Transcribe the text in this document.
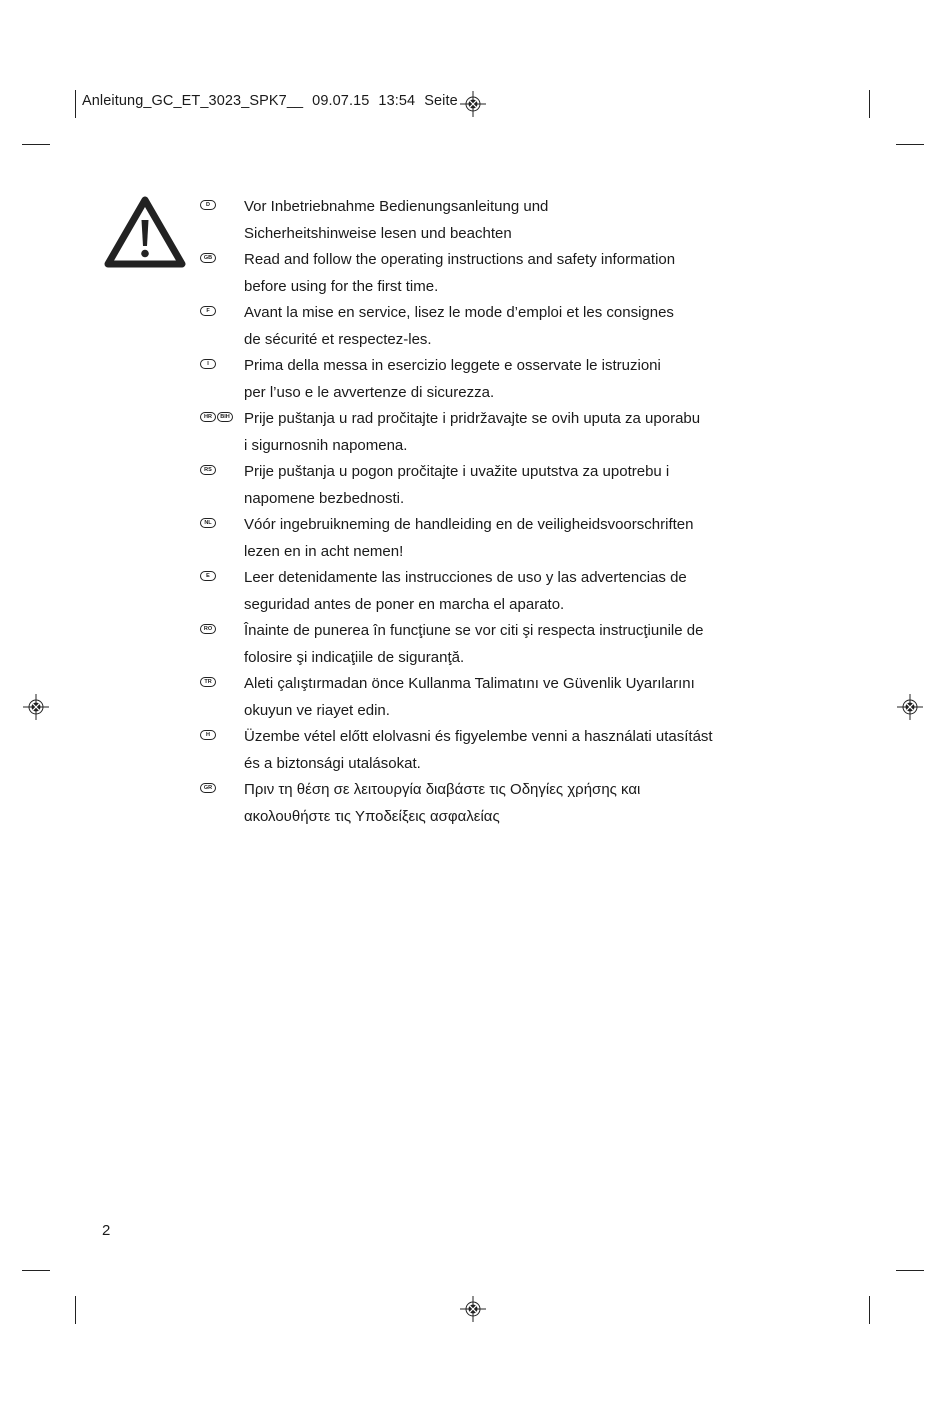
Anleitung_GC_ET_3023_SPK7__ 09.07.15 13:54 Seite
D	Vor Inbetriebnahme Bedienungsanleitung und
Sicherheitshinweise lesen und beachten
GB Read and follow the operating instructions and safety information
before using for the first time.
F	Avant la mise en service, lisez le mode d’emploi et les consignes
de sécurité et respectez-les.
I	Prima della messa in esercizio leggete e osservate le istruzioni
per l’uso e le avvertenze di sicurezza.
HR	BIH Prije puštanja u rad pročitajte i pridržavajte se ovih uputa za uporabu
i sigurnosnih napomena.
RS Prije puštanja u pogon pročitajte i uvažite uputstva za upotrebu i
napomene bezbednosti.
NL Vóór ingebruikneming de handleiding en de veiligheidsvoorschriften
lezen en in acht nemen!
E	Leer detenidamente las instrucciones de uso y las advertencias de
seguridad antes de poner en marcha el aparato.
RO Înainte de punerea în funcţiune se vor citi şi respecta instrucţiunile de
folosire şi indicaţiile de siguranţă.
TR Aleti çalıştırmadan önce Kullanma Talimatını ve Güvenlik Uyarılarını
okuyun ve riayet edin.
H	Üzembe vétel előtt elolvasni és figyelembe venni a használati utasítást
és a biztonsági utalásokat.
GR Πριν τη θέση σε λειτουργία διαβάστε τις Οδηγίες χρήσης και
ακολουθήστε τις Υποδείξεις ασφαλείας
2
